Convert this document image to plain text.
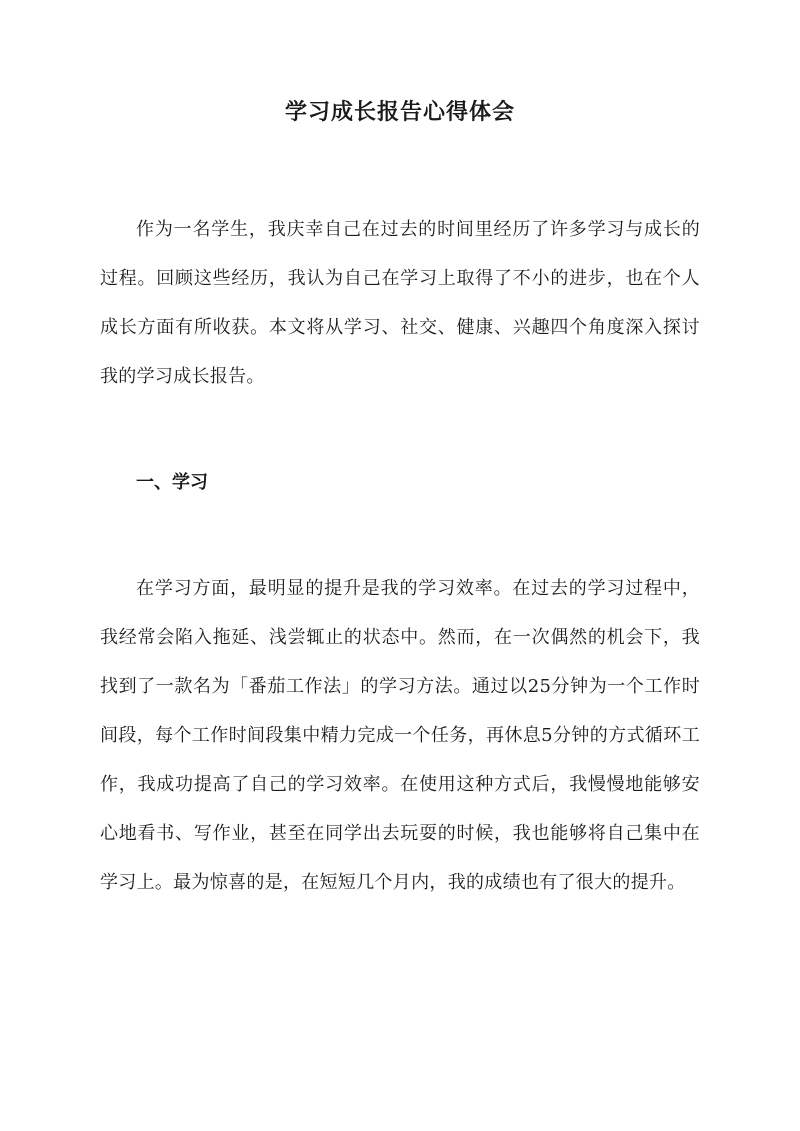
学习成长报告心得体会

作为一名学生，我庆幸自己在过去的时间里经历了许多学习与成长的过程。回顾这些经历，我认为自己在学习上取得了不小的进步，也在个人成长方面有所收获。本文将从学习、社交、健康、兴趣四个角度深入探讨我的学习成长报告。

一、学习

在学习方面，最明显的提升是我的学习效率。在过去的学习过程中，我经常会陷入拖延、浅尝辄止的状态中。然而，在一次偶然的机会下，我找到了一款名为「番茄工作法」的学习方法。通过以25分钟为一个工作时间段，每个工作时间段集中精力完成一个任务，再休息5分钟的方式循环工作，我成功提高了自己的学习效率。在使用这种方式后，我慢慢地能够安心地看书、写作业，甚至在同学出去玩耍的时候，我也能够将自己集中在学习上。最为惊喜的是，在短短几个月内，我的成绩也有了很大的提升。
